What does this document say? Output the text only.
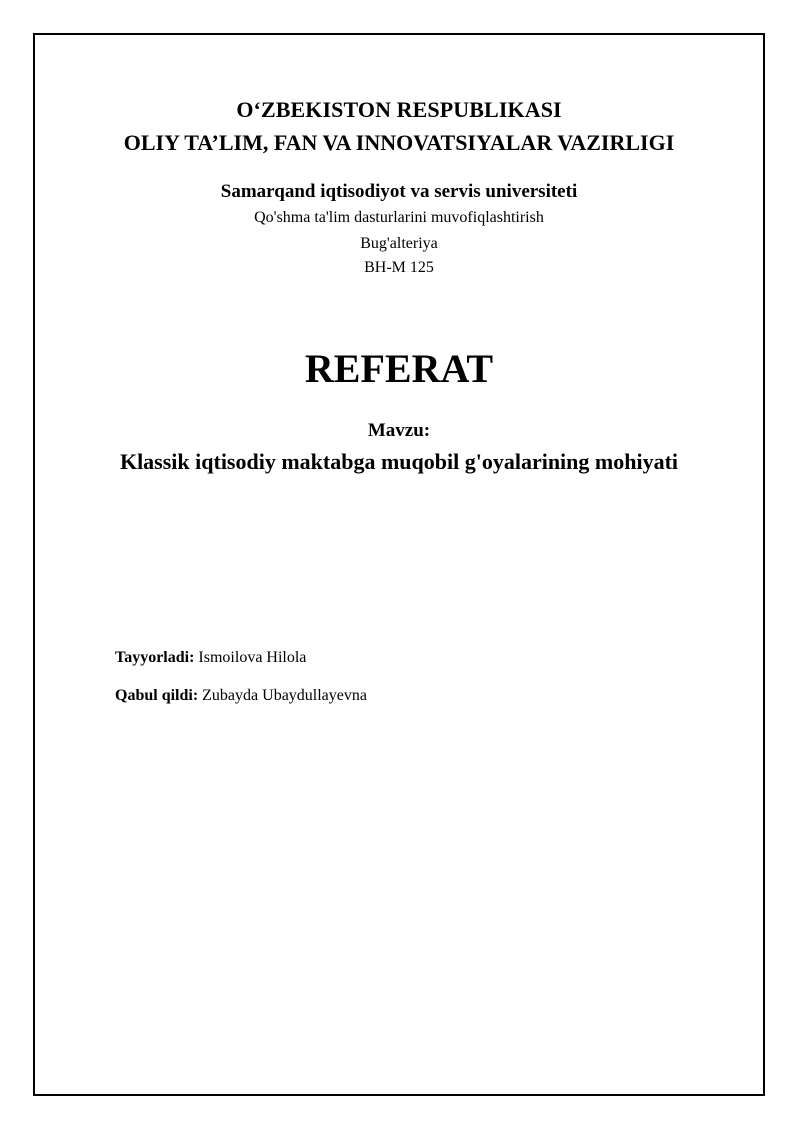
O‘ZBEKISTON RESPUBLIKASI
OLIY TA’LIM, FAN VA INNOVATSIYALAR VAZIRLIGI
Samarqand iqtisodiyot va servis universiteti
Qo'shma ta'lim dasturlarini muvofiqlashtirish
Bug'alteriya
BH-M 125
REFERAT
Mavzu:
Klassik iqtisodiy maktabga muqobil g'oyalarining mohiyati
Tayyorladi: Ismoilova Hilola
Qabul qildi: Zubayda Ubaydullayevna
